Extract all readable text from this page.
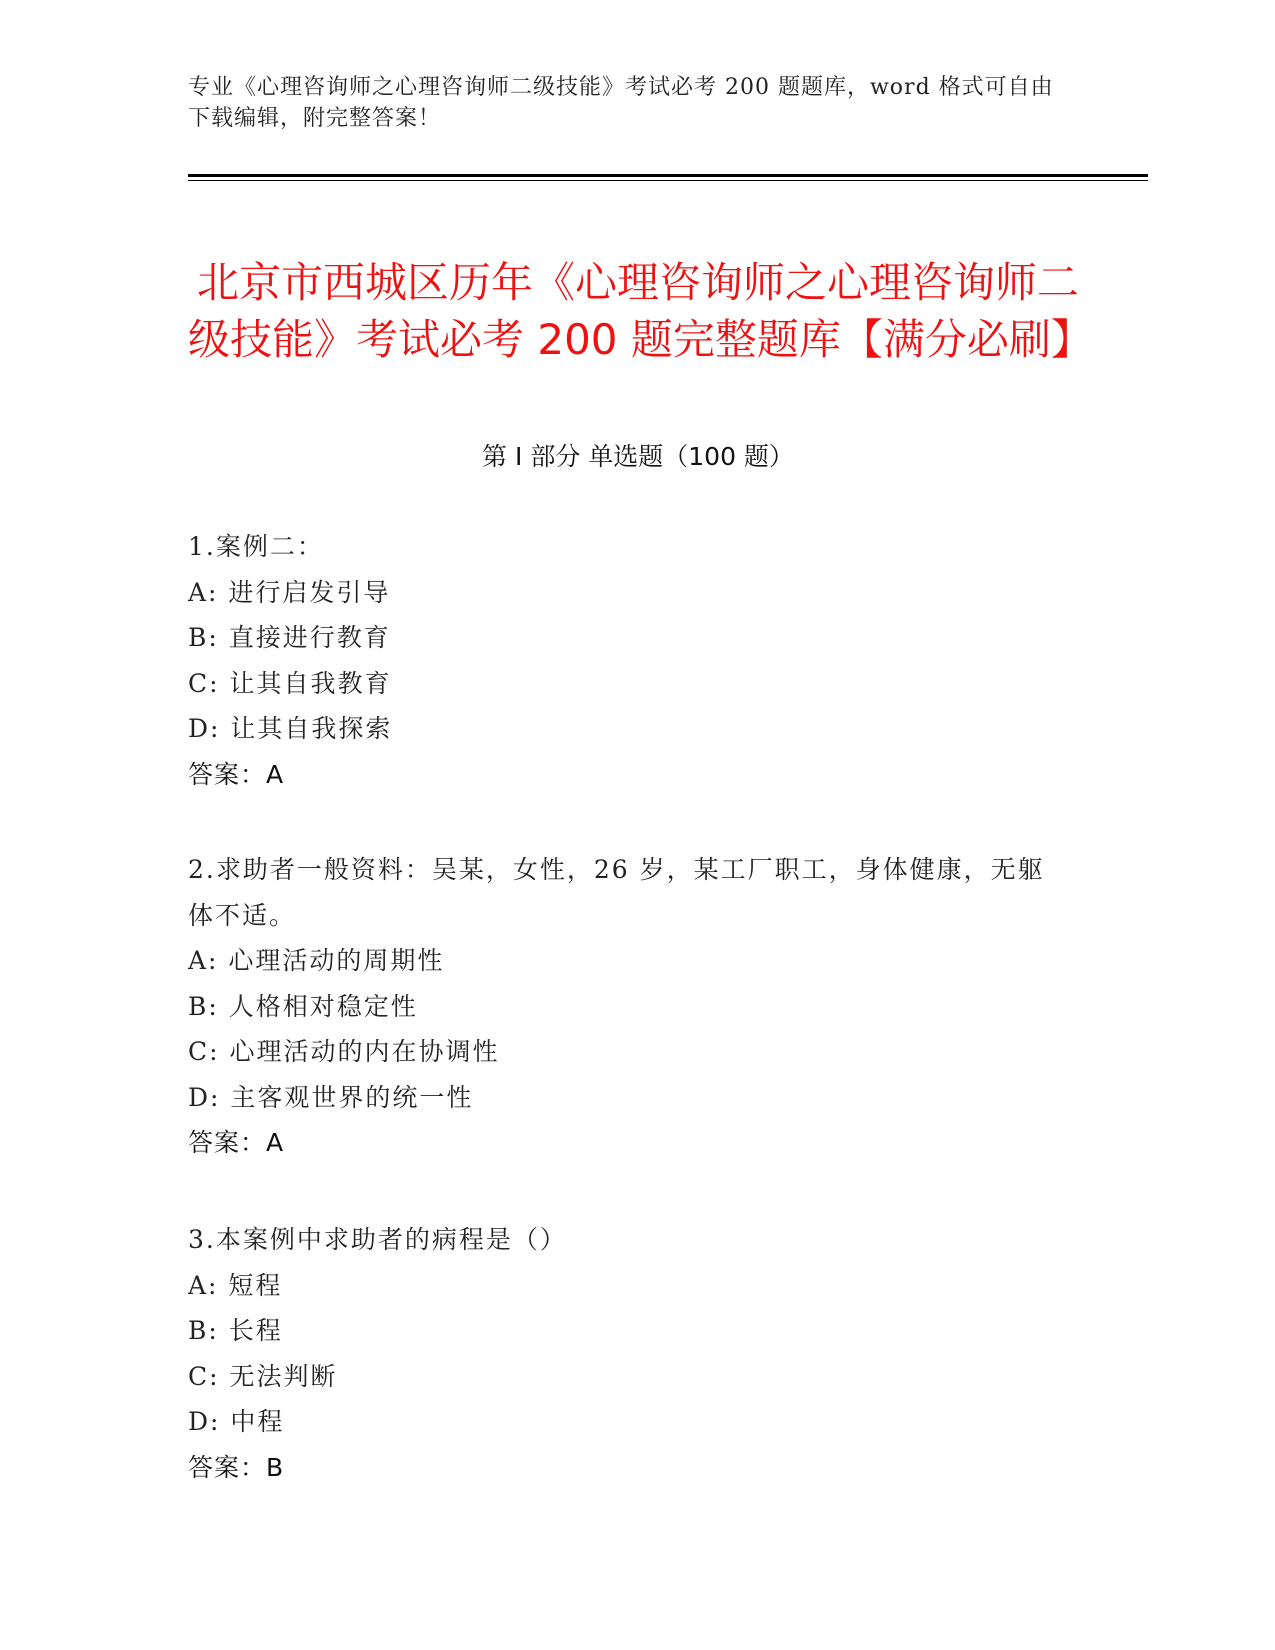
专业《心理咨询师之心理咨询师二级技能》考试必考 200 题题库，word 格式可自由下载编辑，附完整答案！
北京市西城区历年《心理咨询师之心理咨询师二级技能》考试必考 200 题完整题库【满分必刷】
第 I 部分 单选题（100 题）
1.案例二：
A: 进行启发引导
B: 直接进行教育
C: 让其自我教育
D: 让其自我探索
答案：A
2.求助者一般资料：吴某，女性，26 岁，某工厂职工，身体健康，无躯体不适。
A: 心理活动的周期性
B: 人格相对稳定性
C: 心理活动的内在协调性
D: 主客观世界的统一性
答案：A
3.本案例中求助者的病程是（）
A: 短程
B: 长程
C: 无法判断
D: 中程
答案：B
